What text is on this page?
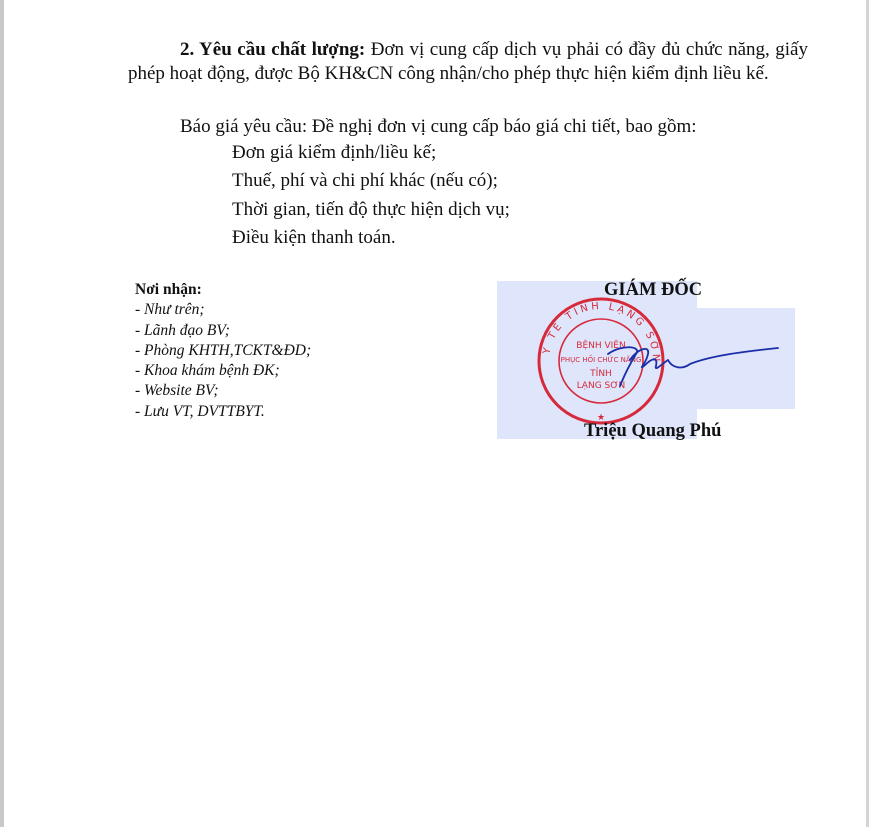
2. Yêu cầu chất lượng: Đơn vị cung cấp dịch vụ phải có đầy đủ chức năng, giấy phép hoạt động, được Bộ KH&CN công nhận/cho phép thực hiện kiểm định liều kế.

Báo giá yêu cầu: Đề nghị đơn vị cung cấp báo giá chi tiết, bao gồm:

Đơn giá kiểm định/liều kế;

Thuế, phí và chi phí khác (nếu có);

Thời gian, tiến độ thực hiện dịch vụ;

Điều kiện thanh toán.

Nơi nhận:
- Như trên;
- Lãnh đạo BV;
- Phòng KHTH,TCKT&ĐD;
- Khoa khám bệnh ĐK;
- Website BV;
- Lưu VT, DVTTBYT.
GIÁM ĐỐC
Y TẾ TỈNH LẠNG SƠN
BỆNH VIỆN
PHỤC HỒI CHỨC NĂNG
TỈNH
LẠNG SƠN
★
Triệu Quang Phú
